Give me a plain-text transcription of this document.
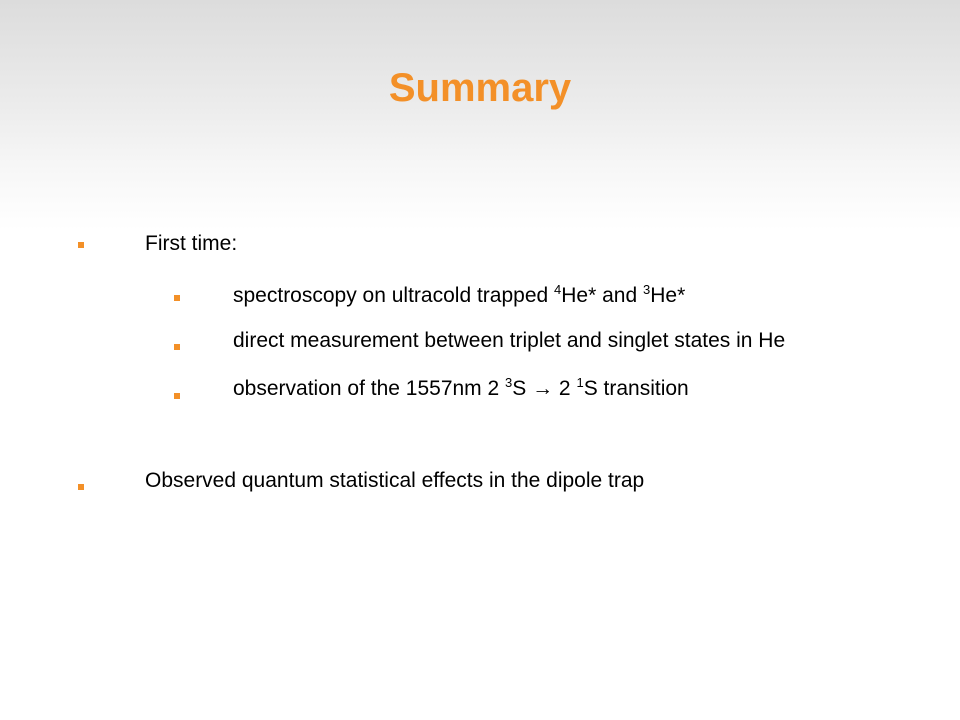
Summary
First time:
spectroscopy on ultracold trapped $^4$He* and $^3$He*
direct measurement between triplet and singlet states in He
observation of the 1557nm 2 $^3$S → 2 $^1$S transition
Observed quantum statistical effects in the dipole trap
